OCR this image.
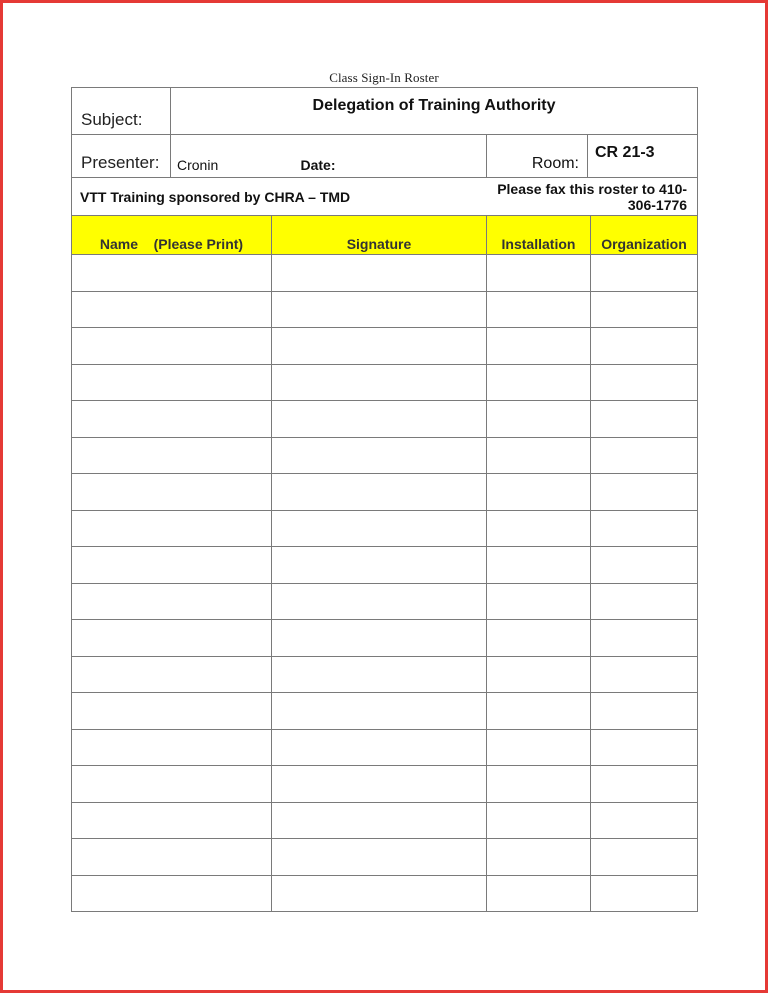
Class Sign-In Roster
Subject:	Delegation of Training Authority			
Presenter:	Cronin	Date:	Room:	CR 21-3
VTT Training sponsored by CHRA – TMD			Please fax this roster to 410-306-1776	
Name    (Please Print)	Signature	Installation	Organization
